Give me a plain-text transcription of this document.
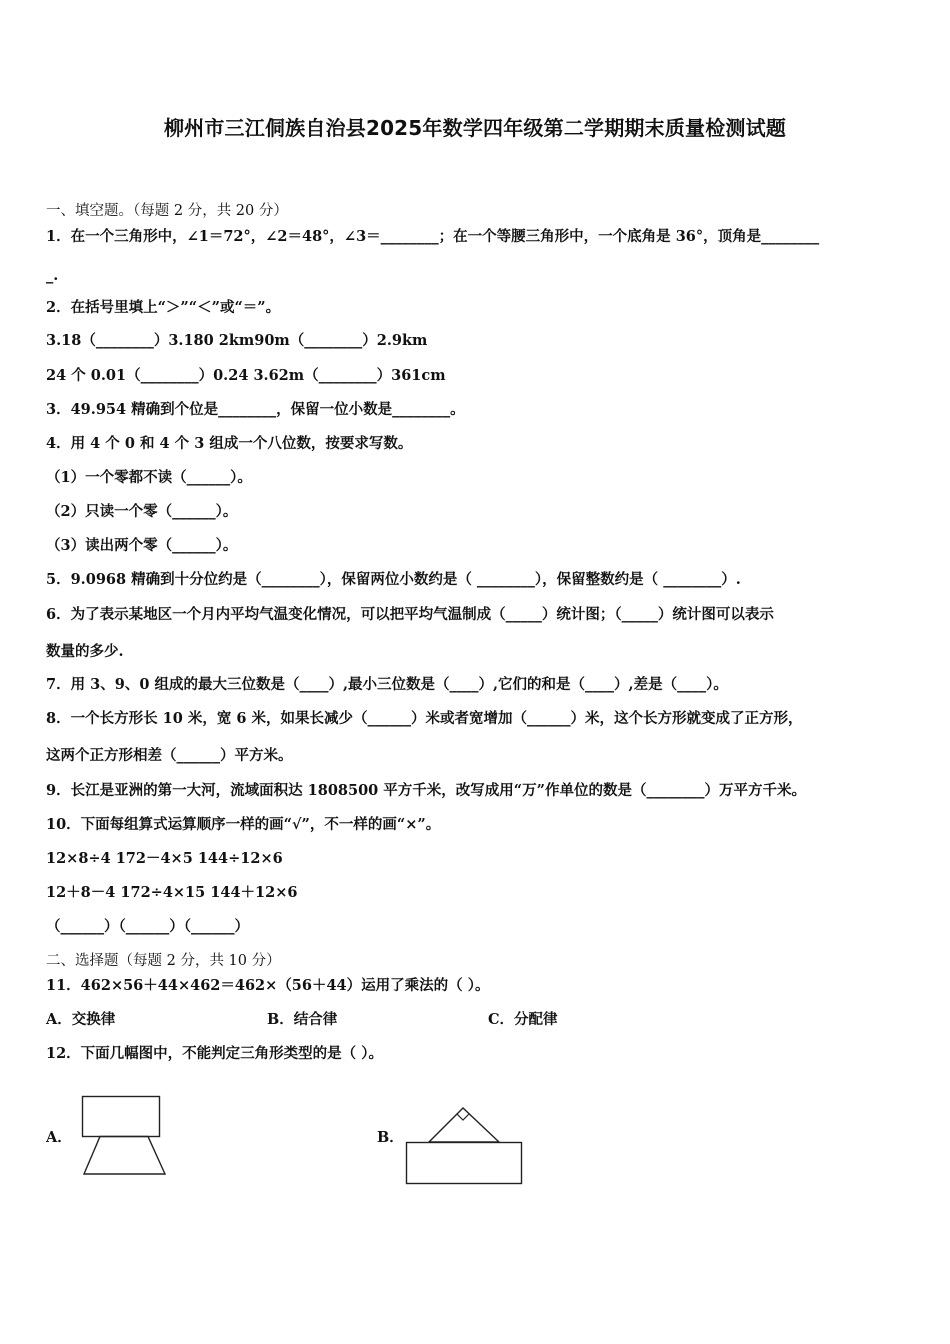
柳州市三江侗族自治县2025年数学四年级第二学期期末质量检测试题
一、填空题。（每题 2 分，共 20 分）
1．在一个三角形中，∠1＝72°，∠2＝48°，∠3＝________；在一个等腰三角形中，一个底角是 36°，顶角是________
_.
2．在括号里填上“＞”“＜”或“＝”。
3.18（________）3.180 2km90m（________）2.9km
24 个 0.01（________）0.24 3.62m（________）361cm
3．49.954 精确到个位是________，保留一位小数是________。
4．用 4 个 0 和 4 个 3 组成一个八位数，按要求写数。
（1）一个零都不读（______）。
（2）只读一个零（______）。
（3）读出两个零（______）。
5．9.0968 精确到十分位约是（________），保留两位小数约是（ ________），保留整数约是（ ________）.
6．为了表示某地区一个月内平均气温变化情况，可以把平均气温制成（_____）统计图；（_____）统计图可以表示
数量的多少.
7．用 3、9、0 组成的最大三位数是（____）,最小三位数是（____）,它们的和是（____）,差是（____）。
8．一个长方形长 10 米，宽 6 米，如果长减少（______）米或者宽增加（______）米，这个长方形就变成了正方形，
这两个正方形相差（______）平方米。
9．长江是亚洲的第一大河，流域面积达 1808500 平方千米，改写成用“万”作单位的数是（________）万平方千米。
10．下面每组算式运算顺序一样的画“√”，不一样的画“×”。
12×8÷4 172－4×5 144÷12×6
12＋8－4 172÷4×15 144＋12×6
（______）（______）（______）
二、选择题（每题 2 分，共 10 分）
11．462×56＋44×462＝462×（56＋44）运用了乘法的（ ）。
A．交换律	B．结合律	C．分配律
12．下面几幅图中，不能判定三角形类型的是（ ）。
A．	B．
